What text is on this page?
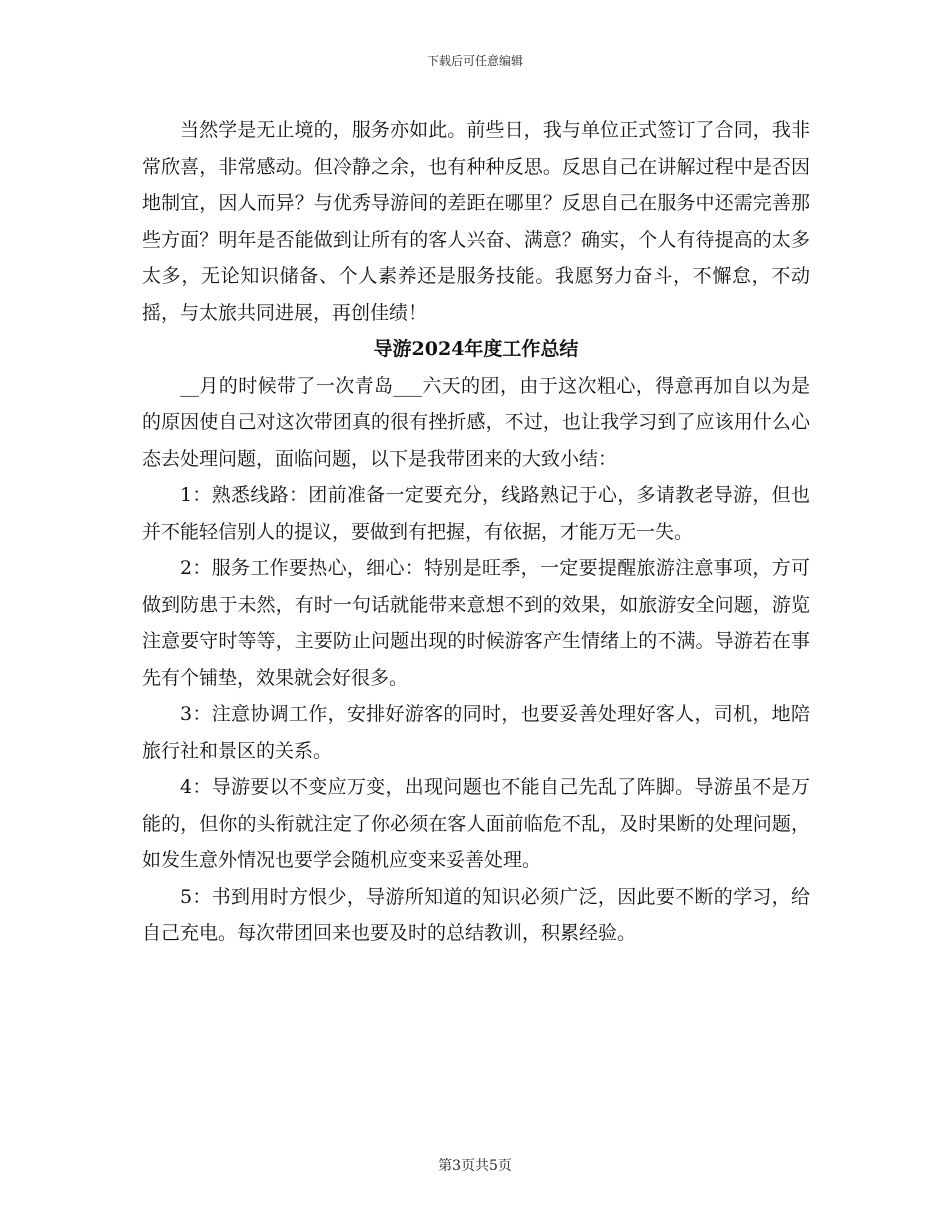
下载后可任意编辑

当然学是无止境的，服务亦如此。前些日，我与单位正式签订了合同，我非常欣喜，非常感动。但冷静之余，也有种种反思。反思自己在讲解过程中是否因地制宜，因人而异？与优秀导游间的差距在哪里？反思自己在服务中还需完善那些方面？明年是否能做到让所有的客人兴奋、满意？确实，个人有待提高的太多太多，无论知识储备、个人素养还是服务技能。我愿努力奋斗，不懈怠，不动摇，与太旅共同进展，再创佳绩！

导游2024年度工作总结

__月的时候带了一次青岛___六天的团，由于这次粗心，得意再加自以为是的原因使自己对这次带团真的很有挫折感，不过，也让我学习到了应该用什么心态去处理问题，面临问题，以下是我带团来的大致小结：

1：熟悉线路：团前准备一定要充分，线路熟记于心，多请教老导游，但也并不能轻信别人的提议，要做到有把握，有依据，才能万无一失。

2：服务工作要热心，细心：特别是旺季，一定要提醒旅游注意事项，方可做到防患于未然，有时一句话就能带来意想不到的效果，如旅游安全问题，游览注意要守时等等，主要防止问题出现的时候游客产生情绪上的不满。导游若在事先有个铺垫，效果就会好很多。

3：注意协调工作，安排好游客的同时，也要妥善处理好客人，司机，地陪旅行社和景区的关系。

4：导游要以不变应万变，出现问题也不能自己先乱了阵脚。导游虽不是万能的，但你的头衔就注定了你必须在客人面前临危不乱，及时果断的处理问题，如发生意外情况也要学会随机应变来妥善处理。

5：书到用时方恨少，导游所知道的知识必须广泛，因此要不断的学习，给自己充电。每次带团回来也要及时的总结教训，积累经验。

第3页共5页
